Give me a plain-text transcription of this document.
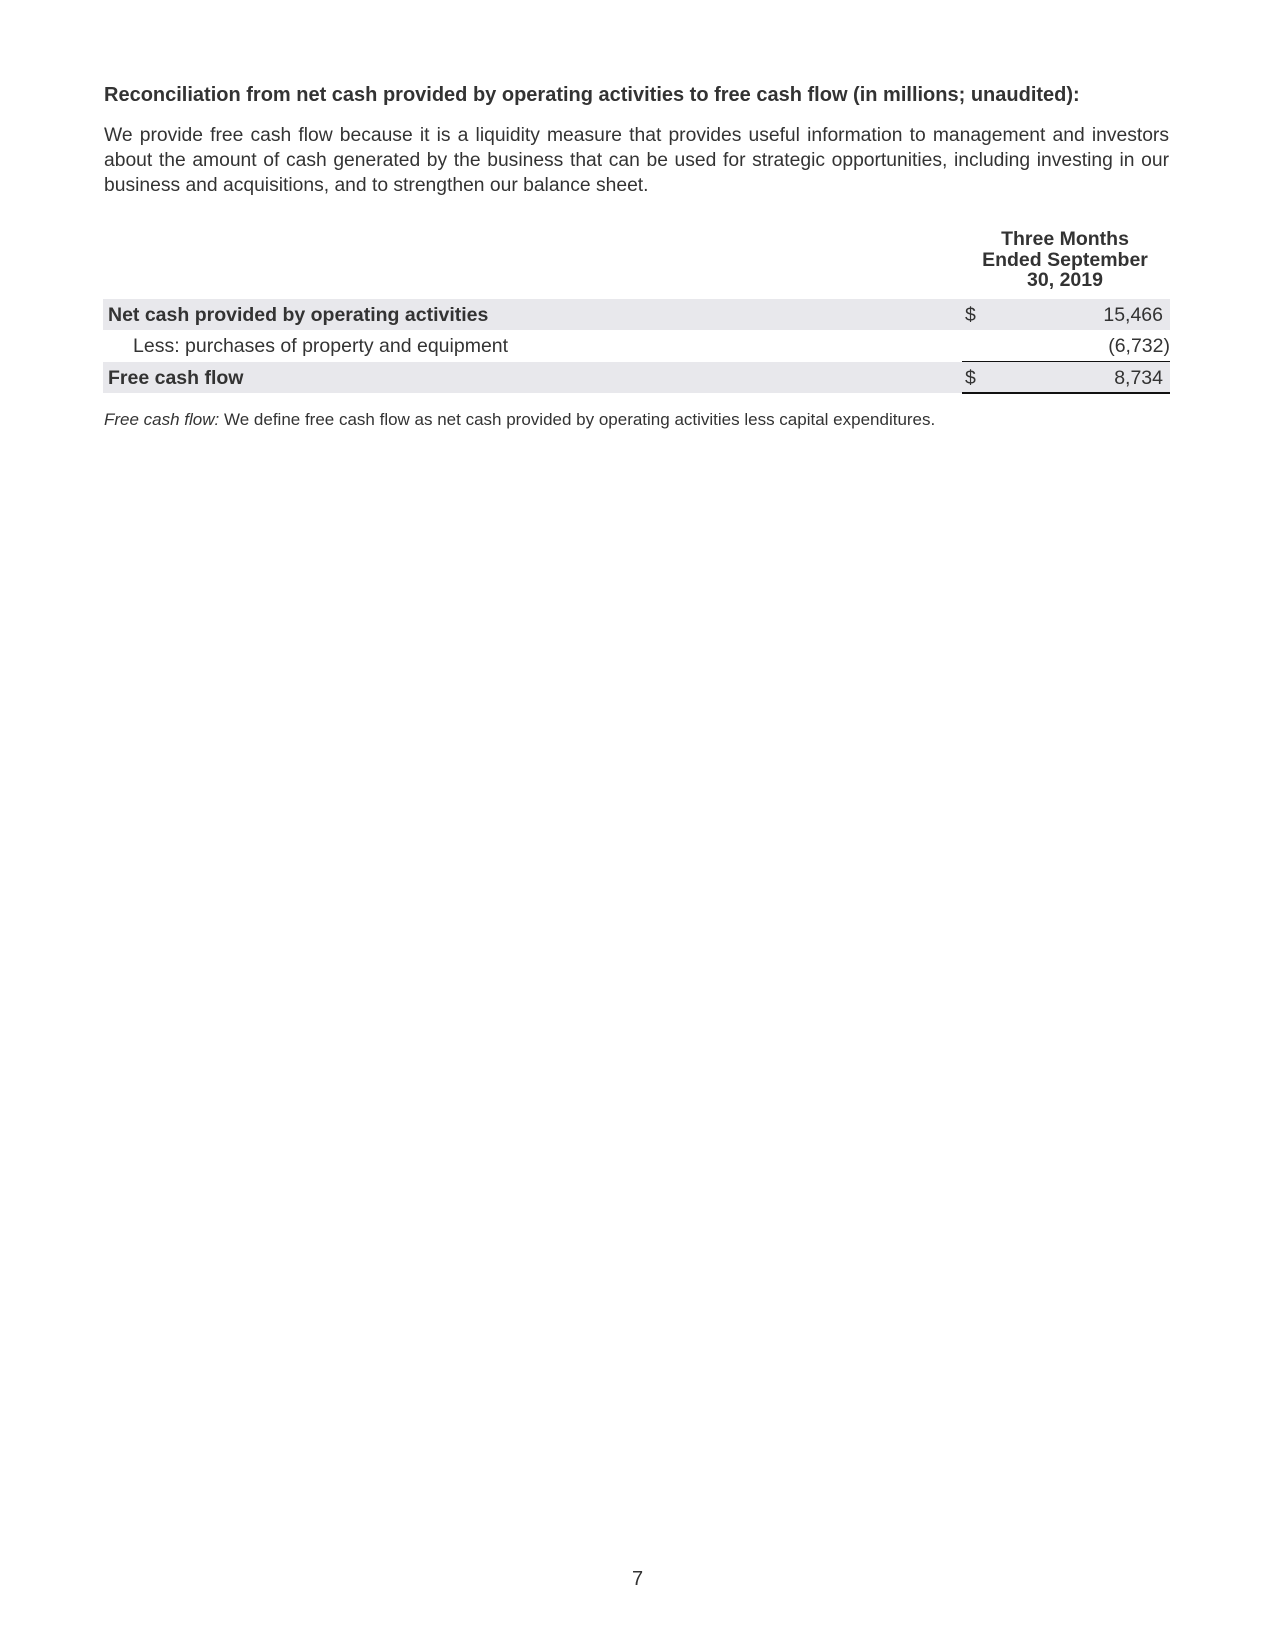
Reconciliation from net cash provided by operating activities to free cash flow (in millions; unaudited):
We provide free cash flow because it is a liquidity measure that provides useful information to management and investors about the amount of cash generated by the business that can be used for strategic opportunities, including investing in our business and acquisitions, and to strengthen our balance sheet.
Three Months
Ended September
30, 2019
Net cash provided by operating activities	$	15,466
Less: purchases of property and equipment	(6,732)
Free cash flow	$	8,734
Free cash flow: We define free cash flow as net cash provided by operating activities less capital expenditures.
7
